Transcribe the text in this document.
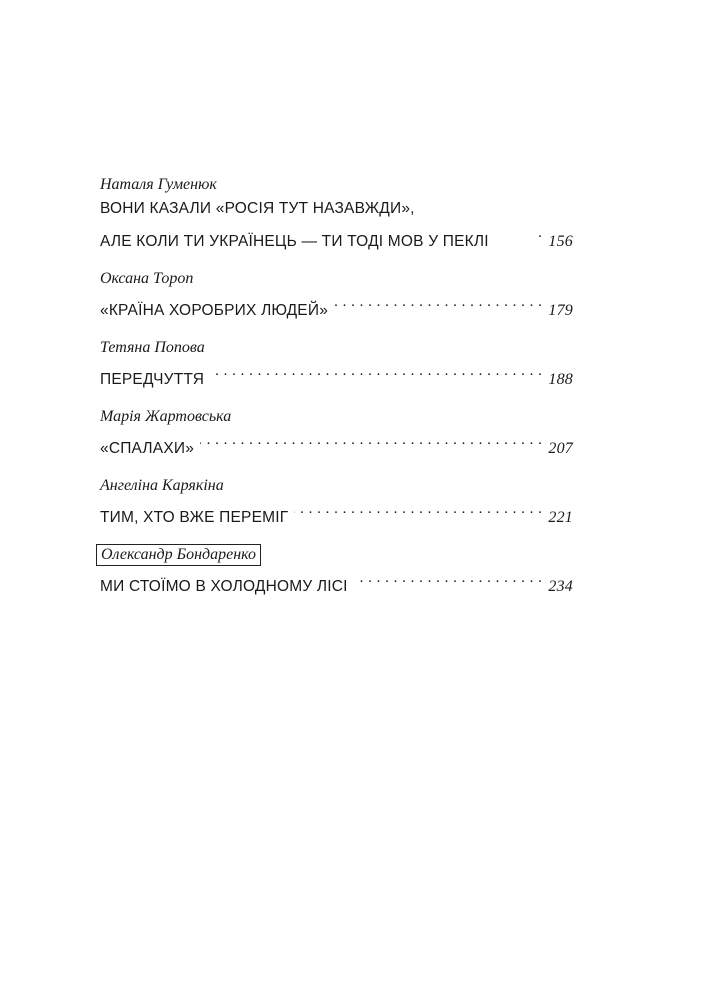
Наталя Гуменюк
ВОНИ КАЗАЛИ «РОСІЯ ТУТ НАЗАВЖДИ»,
АЛЕ КОЛИ ТИ УКРАЇНЕЦЬ — ТИ ТОДІ МОВ У ПЕКЛІ .	156
Оксана Тороп
«КРАЇНА ХОРОБРИХ ЛЮДЕЙ» . . .	179
Тетяна Попова
ПЕРЕДЧУТТЯ . . .	188
Марія Жартовська
«СПАЛАХИ» . . .	207
Ангеліна Карякіна
ТИМ, ХТО ВЖЕ ПЕРЕМІГ . . .	221
Олександр Бондаренко
МИ СТОЇМО В ХОЛОДНОМУ ЛІСІ . . .	234
